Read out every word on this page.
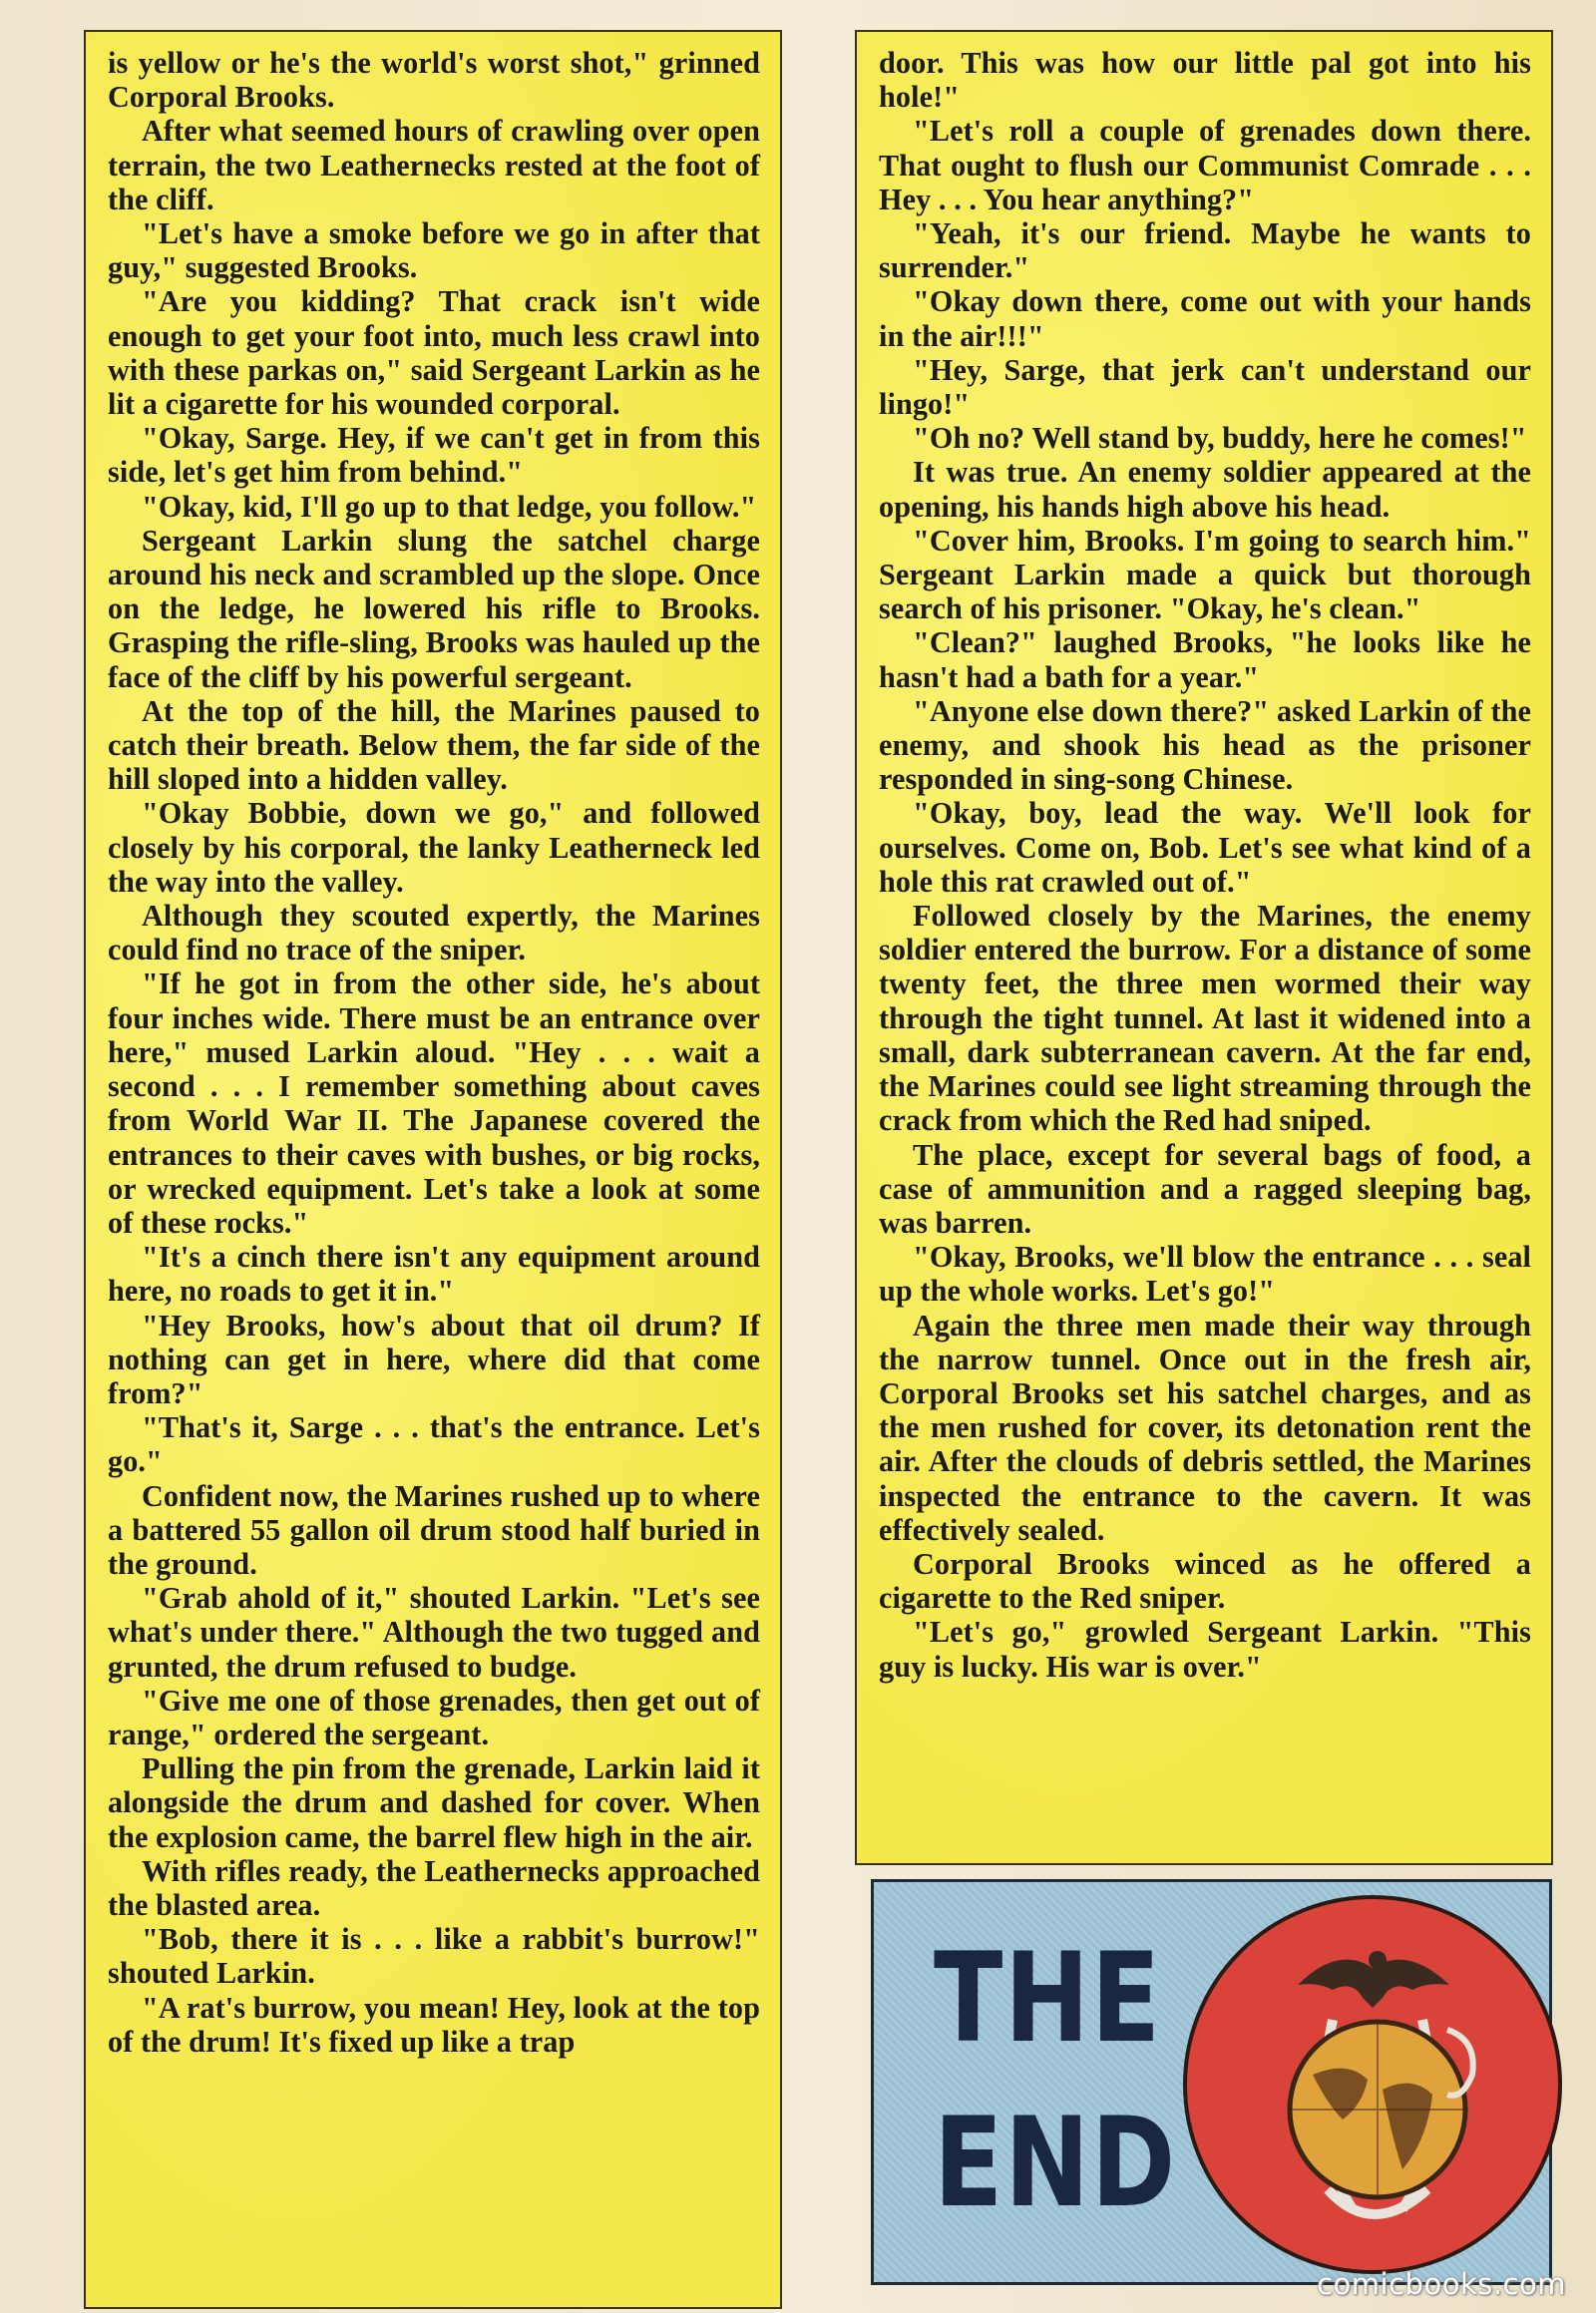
is yellow or he's the world's worst shot," grinned Corporal Brooks.

After what seemed hours of crawling over open terrain, the two Leathernecks rested at the foot of the cliff.

"Let's have a smoke before we go in after that guy," suggested Brooks.

"Are you kidding? That crack isn't wide enough to get your foot into, much less crawl into with these parkas on," said Sergeant Larkin as he lit a cigarette for his wounded corporal.

"Okay, Sarge. Hey, if we can't get in from this side, let's get him from behind."

"Okay, kid, I'll go up to that ledge, you follow."

Sergeant Larkin slung the satchel charge around his neck and scrambled up the slope. Once on the ledge, he lowered his rifle to Brooks. Grasping the rifle-sling, Brooks was hauled up the face of the cliff by his powerful sergeant.

At the top of the hill, the Marines paused to catch their breath. Below them, the far side of the hill sloped into a hidden valley.

"Okay Bobbie, down we go," and followed closely by his corporal, the lanky Leatherneck led the way into the valley.

Although they scouted expertly, the Marines could find no trace of the sniper.

"If he got in from the other side, he's about four inches wide. There must be an entrance over here," mused Larkin aloud. "Hey . . . wait a second . . . I remember something about caves from World War II. The Japanese covered the entrances to their caves with bushes, or big rocks, or wrecked equipment. Let's take a look at some of these rocks."

"It's a cinch there isn't any equipment around here, no roads to get it in."

"Hey Brooks, how's about that oil drum? If nothing can get in here, where did that come from?"

"That's it, Sarge . . . that's the entrance. Let's go."

Confident now, the Marines rushed up to where a battered 55 gallon oil drum stood half buried in the ground.

"Grab ahold of it," shouted Larkin. "Let's see what's under there." Although the two tugged and grunted, the drum refused to budge.

"Give me one of those grenades, then get out of range," ordered the sergeant.

Pulling the pin from the grenade, Larkin laid it alongside the drum and dashed for cover. When the explosion came, the barrel flew high in the air.

With rifles ready, the Leathernecks approached the blasted area.

"Bob, there it is . . . like a rabbit's burrow!" shouted Larkin.

"A rat's burrow, you mean! Hey, look at the top of the drum! It's fixed up like a trap

door. This was how our little pal got into his hole!"

"Let's roll a couple of grenades down there. That ought to flush our Communist Comrade . . . Hey . . . You hear anything?"

"Yeah, it's our friend. Maybe he wants to surrender."

"Okay down there, come out with your hands in the air!!!"

"Hey, Sarge, that jerk can't understand our lingo!"

"Oh no? Well stand by, buddy, here he comes!"

It was true. An enemy soldier appeared at the opening, his hands high above his head.

"Cover him, Brooks. I'm going to search him." Sergeant Larkin made a quick but thorough search of his prisoner. "Okay, he's clean."

"Clean?" laughed Brooks, "he looks like he hasn't had a bath for a year."

"Anyone else down there?" asked Larkin of the enemy, and shook his head as the prisoner responded in sing-song Chinese.

"Okay, boy, lead the way. We'll look for ourselves. Come on, Bob. Let's see what kind of a hole this rat crawled out of."

Followed closely by the Marines, the enemy soldier entered the burrow. For a distance of some twenty feet, the three men wormed their way through the tight tunnel. At last it widened into a small, dark subterranean cavern. At the far end, the Marines could see light streaming through the crack from which the Red had sniped.

The place, except for several bags of food, a case of ammunition and a ragged sleeping bag, was barren.

"Okay, Brooks, we'll blow the entrance . . . seal up the whole works. Let's go!"

Again the three men made their way through the narrow tunnel. Once out in the fresh air, Corporal Brooks set his satchel charges, and as the men rushed for cover, its detonation rent the air. After the clouds of debris settled, the Marines inspected the entrance to the cavern. It was effectively sealed.

Corporal Brooks winced as he offered a cigarette to the Red sniper.

"Let's go," growled Sergeant Larkin. "This guy is lucky. His war is over."

THE
END
comicbooks.com
